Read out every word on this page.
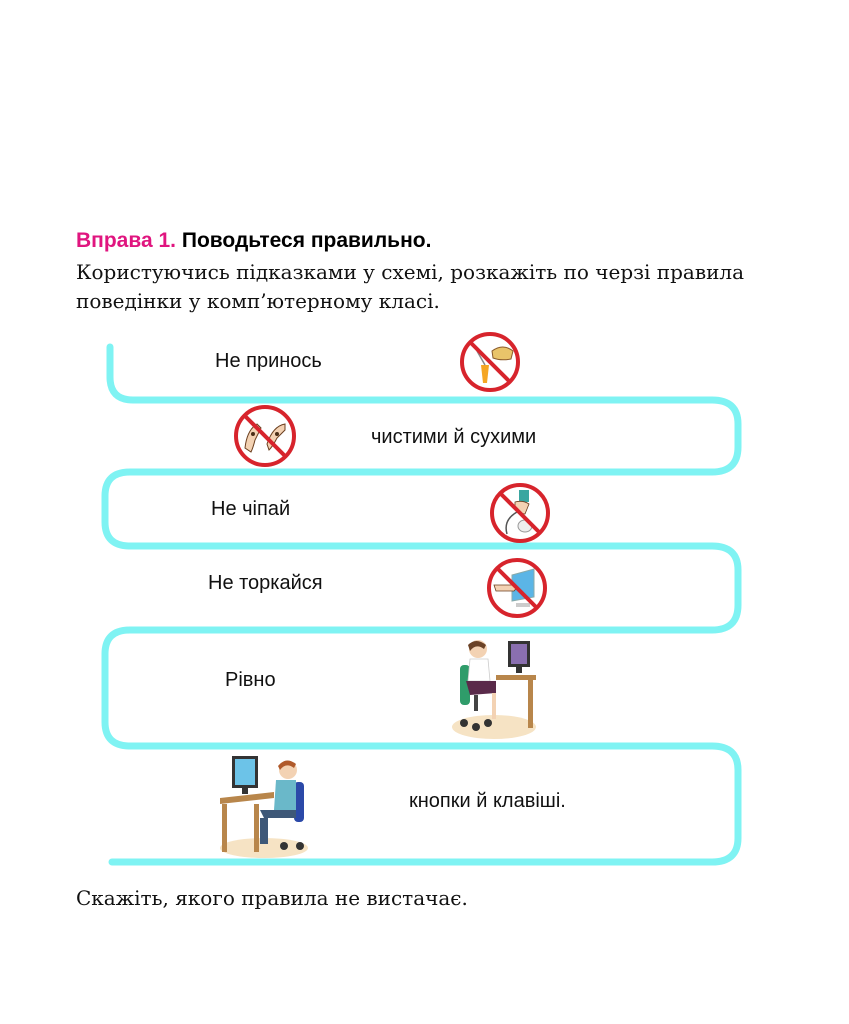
Вправа 1. Поводьтеся правильно.
Користуючись підказками у схемі, розкажіть по черзі правила поведінки у комп’ютерному класі.
Не принось
чистими й сухими
Не чіпай
Не торкайся
Рівно
кнопки й клавіші.
Скажіть, якого правила не вистачає.
